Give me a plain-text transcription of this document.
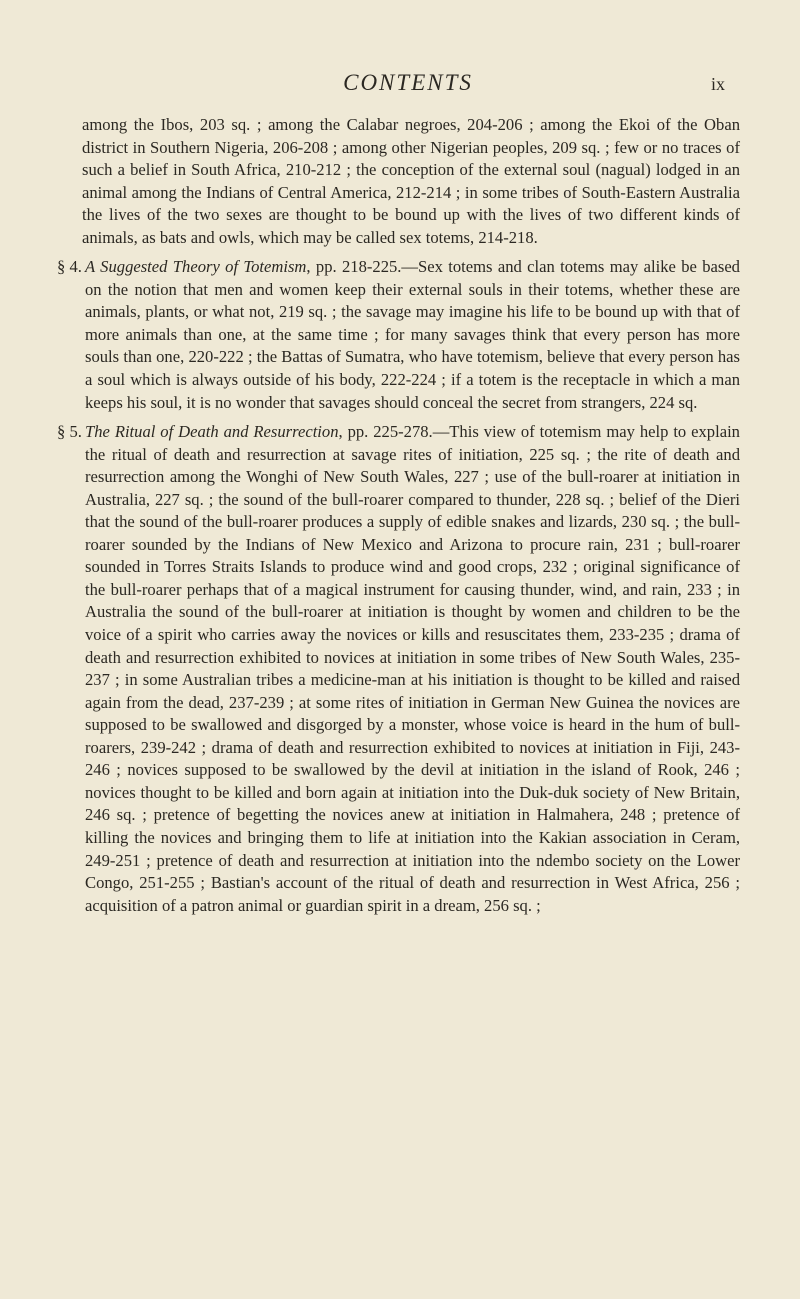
CONTENTS	ix

among the Ibos, 203 sq. ; among the Calabar negroes, 204-206 ; among the Ekoi of the Oban district in Southern Nigeria, 206-208 ; among other Nigerian peoples, 209 sq. ; few or no traces of such a belief in South Africa, 210-212 ; the conception of the external soul (nagual) lodged in an animal among the Indians of Central America, 212-214 ; in some tribes of South-Eastern Australia the lives of the two sexes are thought to be bound up with the lives of two different kinds of animals, as bats and owls, which may be called sex totems, 214-218.

§ 4. A Suggested Theory of Totemism, pp. 218-225.—Sex totems and clan totems may alike be based on the notion that men and women keep their external souls in their totems, whether these are animals, plants, or what not, 219 sq. ; the savage may imagine his life to be bound up with that of more animals than one, at the same time ; for many savages think that every person has more souls than one, 220-222 ; the Battas of Sumatra, who have totemism, believe that every person has a soul which is always outside of his body, 222-224 ; if a totem is the receptacle in which a man keeps his soul, it is no wonder that savages should conceal the secret from strangers, 224 sq.

§ 5. The Ritual of Death and Resurrection, pp. 225-278.—This view of totemism may help to explain the ritual of death and resurrection at savage rites of initiation, 225 sq. ; the rite of death and resurrection among the Wonghi of New South Wales, 227 ; use of the bull-roarer at initiation in Australia, 227 sq. ; the sound of the bull-roarer compared to thunder, 228 sq. ; belief of the Dieri that the sound of the bull-roarer produces a supply of edible snakes and lizards, 230 sq. ; the bull-roarer sounded by the Indians of New Mexico and Arizona to procure rain, 231 ; bull-roarer sounded in Torres Straits Islands to produce wind and good crops, 232 ; original significance of the bull-roarer perhaps that of a magical instrument for causing thunder, wind, and rain, 233 ; in Australia the sound of the bull-roarer at initiation is thought by women and children to be the voice of a spirit who carries away the novices or kills and resuscitates them, 233-235 ; drama of death and resurrection exhibited to novices at initiation in some tribes of New South Wales, 235-237 ; in some Australian tribes a medicine-man at his initiation is thought to be killed and raised again from the dead, 237-239 ; at some rites of initiation in German New Guinea the novices are supposed to be swallowed and disgorged by a monster, whose voice is heard in the hum of bull-roarers, 239-242 ; drama of death and resurrection exhibited to novices at initiation in Fiji, 243-246 ; novices supposed to be swallowed by the devil at initiation in the island of Rook, 246 ; novices thought to be killed and born again at initiation into the Duk-duk society of New Britain, 246 sq. ; pretence of begetting the novices anew at initiation in Halmahera, 248 ; pretence of killing the novices and bringing them to life at initiation into the Kakian association in Ceram, 249-251 ; pretence of death and resurrection at initiation into the ndembo society on the Lower Congo, 251-255 ; Bastian's account of the ritual of death and resurrection in West Africa, 256 ; acquisition of a patron animal or guardian spirit in a dream, 256 sq. ;
